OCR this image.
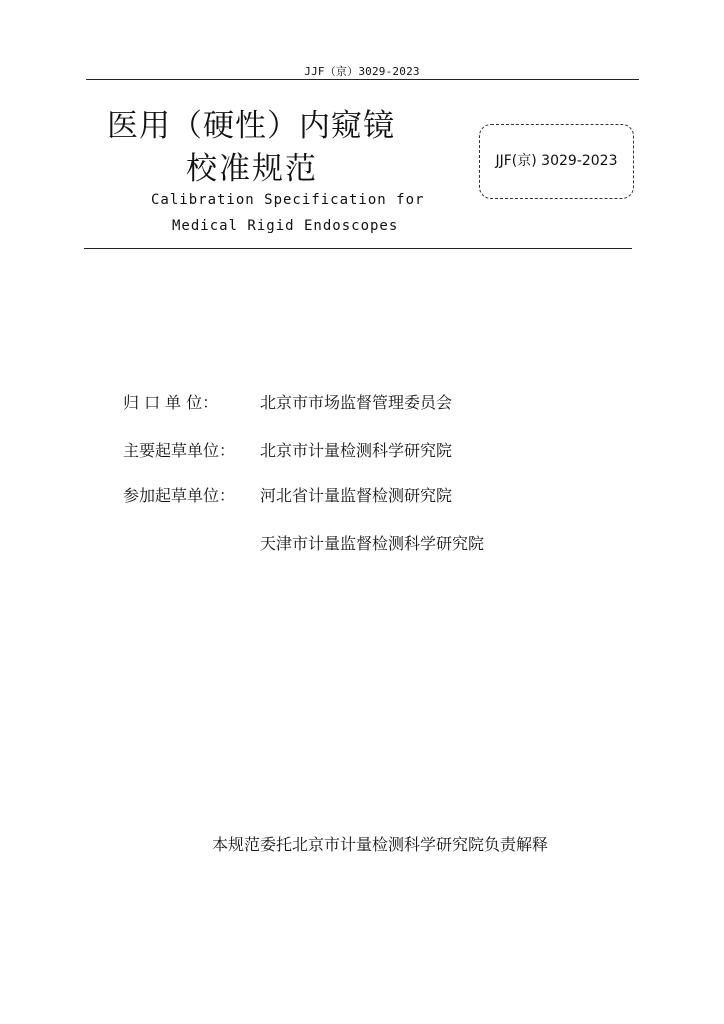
JJF（京）3029-2023
医用（硬性）内窥镜
校准规范
Calibration Specification for
Medical Rigid Endoscopes
JJF(京) 3029-2023
归 口 单 位：	北京市市场监督管理委员会
主要起草单位：	北京市计量检测科学研究院
参加起草单位：	河北省计量监督检测研究院
天津市计量监督检测科学研究院
本规范委托北京市计量检测科学研究院负责解释
